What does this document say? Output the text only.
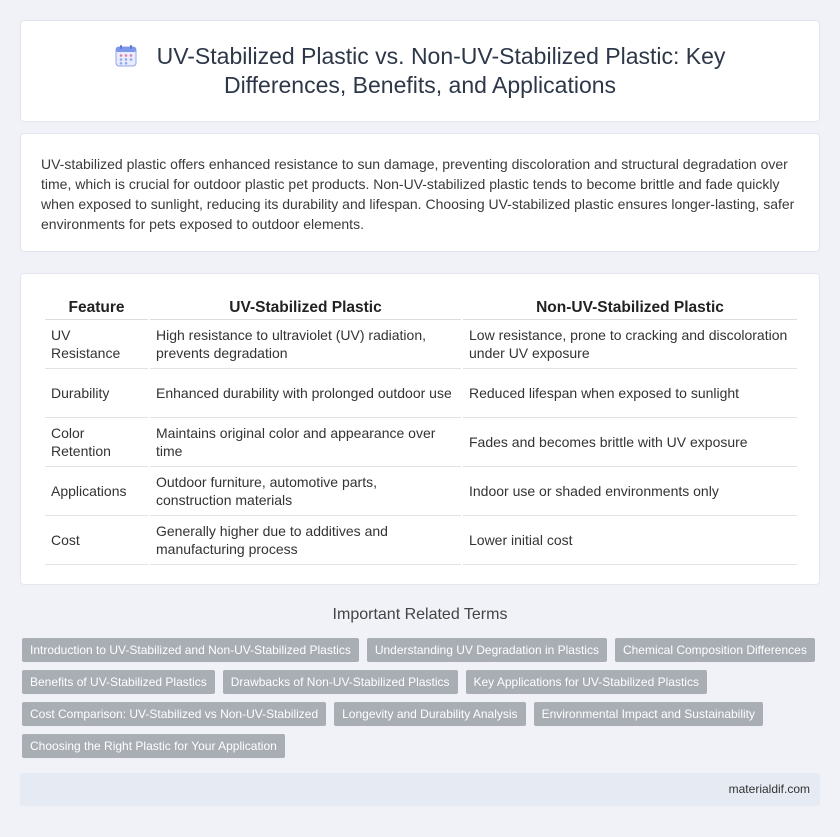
UV-Stabilized Plastic vs. Non-UV-Stabilized Plastic: Key Differences, Benefits, and Applications

UV-stabilized plastic offers enhanced resistance to sun damage, preventing discoloration and structural degradation over time, which is crucial for outdoor plastic pet products. Non-UV-stabilized plastic tends to become brittle and fade quickly when exposed to sunlight, reducing its durability and lifespan. Choosing UV-stabilized plastic ensures longer-lasting, safer environments for pets exposed to outdoor elements.

Feature	UV-Stabilized Plastic	Non-UV-Stabilized Plastic
UV Resistance	High resistance to ultraviolet (UV) radiation, prevents degradation	Low resistance, prone to cracking and discoloration under UV exposure
Durability	Enhanced durability with prolonged outdoor use	Reduced lifespan when exposed to sunlight
Color Retention	Maintains original color and appearance over time	Fades and becomes brittle with UV exposure
Applications	Outdoor furniture, automotive parts, construction materials	Indoor use or shaded environments only
Cost	Generally higher due to additives and manufacturing process	Lower initial cost
Important Related Terms
Introduction to UV-Stabilized and Non-UV-Stabilized Plastics	Understanding UV Degradation in Plastics	Chemical Composition Differences
Benefits of UV-Stabilized Plastics	Drawbacks of Non-UV-Stabilized Plastics	Key Applications for UV-Stabilized Plastics
Cost Comparison: UV-Stabilized vs Non-UV-Stabilized	Longevity and Durability Analysis	Environmental Impact and Sustainability
Choosing the Right Plastic for Your Application
materialdif.com
